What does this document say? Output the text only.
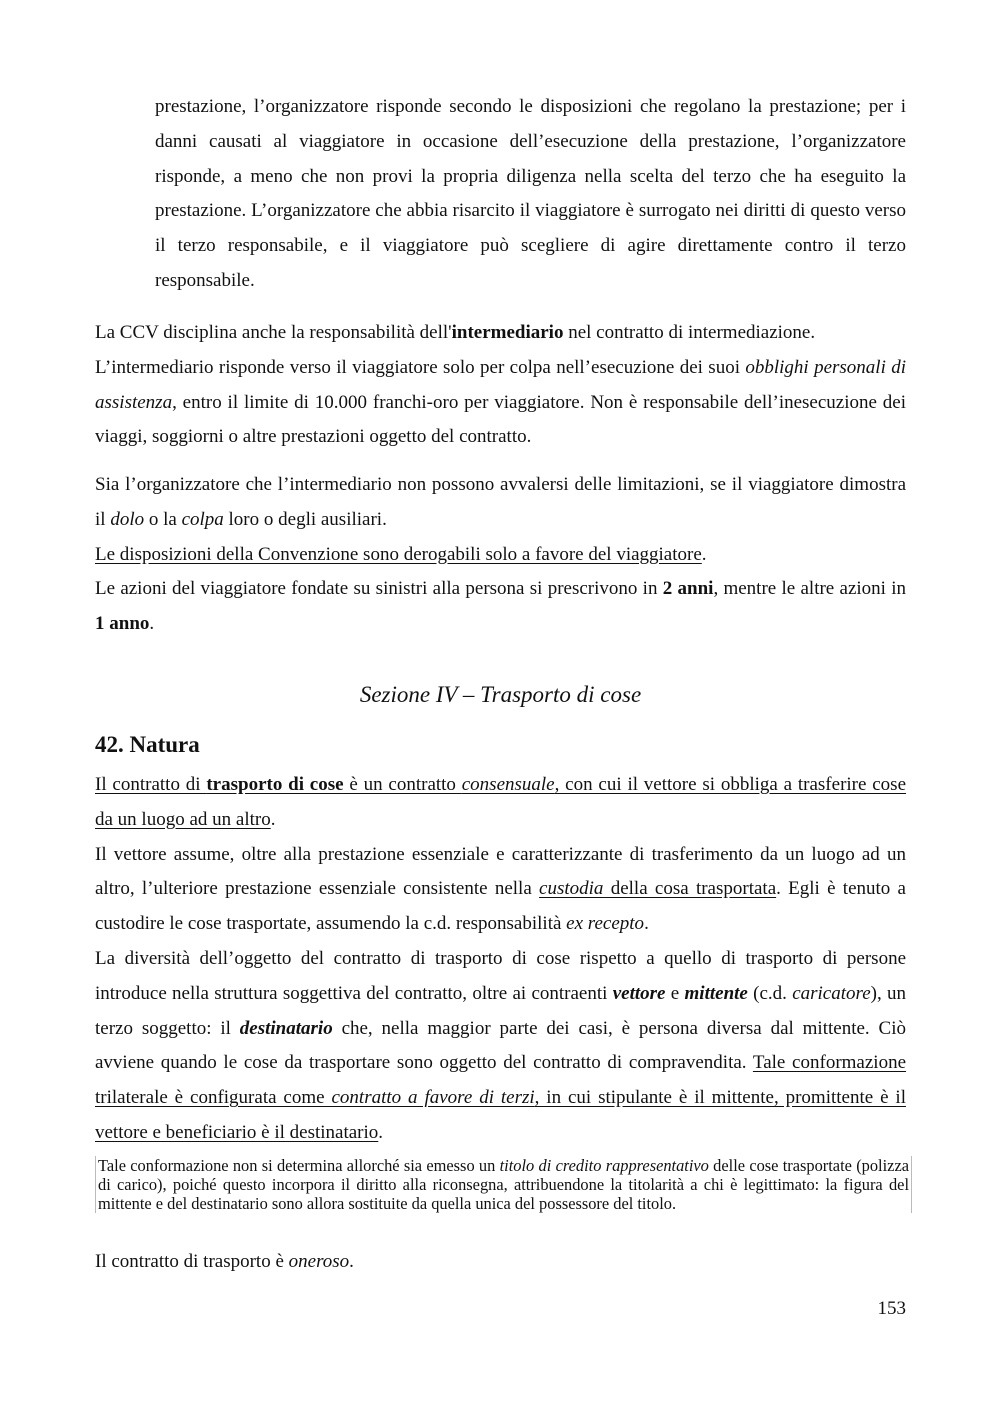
prestazione, l’organizzatore risponde secondo le disposizioni che regolano la prestazione; per i danni causati al viaggiatore in occasione dell’esecuzione della prestazione, l’organizzatore risponde, a meno che non provi la propria diligenza nella scelta del terzo che ha eseguito la prestazione. L’organizzatore che abbia risarcito il viaggiatore è surrogato nei diritti di questo verso il terzo responsabile, e il viaggiatore può scegliere di agire direttamente contro il terzo responsabile.

La CCV disciplina anche la responsabilità dell'intermediario nel contratto di intermediazione.

L’intermediario risponde verso il viaggiatore solo per colpa nell’esecuzione dei suoi obblighi personali di assistenza, entro il limite di 10.000 franchi-oro per viaggiatore. Non è responsabile dell’inesecuzione dei viaggi, soggiorni o altre prestazioni oggetto del contratto.

Sia l’organizzatore che l’intermediario non possono avvalersi delle limitazioni, se il viaggiatore dimostra il dolo o la colpa loro o degli ausiliari.

Le disposizioni della Convenzione sono derogabili solo a favore del viaggiatore.

Le azioni del viaggiatore fondate su sinistri alla persona si prescrivono in 2 anni, mentre le altre azioni in 1 anno.

Sezione IV – Trasporto di cose
42. Natura

Il contratto di trasporto di cose è un contratto consensuale, con cui il vettore si obbliga a trasferire cose da un luogo ad un altro.

Il vettore assume, oltre alla prestazione essenziale e caratterizzante di trasferimento da un luogo ad un altro, l’ulteriore prestazione essenziale consistente nella custodia della cosa trasportata. Egli è tenuto a custodire le cose trasportate, assumendo la c.d. responsabilità ex recepto.

La diversità dell’oggetto del contratto di trasporto di cose rispetto a quello di trasporto di persone introduce nella struttura soggettiva del contratto, oltre ai contraenti vettore e mittente (c.d. caricatore), un terzo soggetto: il destinatario che, nella maggior parte dei casi, è persona diversa dal mittente. Ciò avviene quando le cose da trasportare sono oggetto del contratto di compravendita. Tale conformazione trilaterale è configurata come contratto a favore di terzi, in cui stipulante è il mittente, promittente è il vettore e beneficiario è il destinatario.

Tale conformazione non si determina allorché sia emesso un titolo di credito rappresentativo delle cose trasportate (polizza di carico), poiché questo incorpora il diritto alla riconsegna, attribuendone la titolarità a chi è legittimato: la figura del mittente e del destinatario sono allora sostituite da quella unica del possessore del titolo.

Il contratto di trasporto è oneroso.

153
